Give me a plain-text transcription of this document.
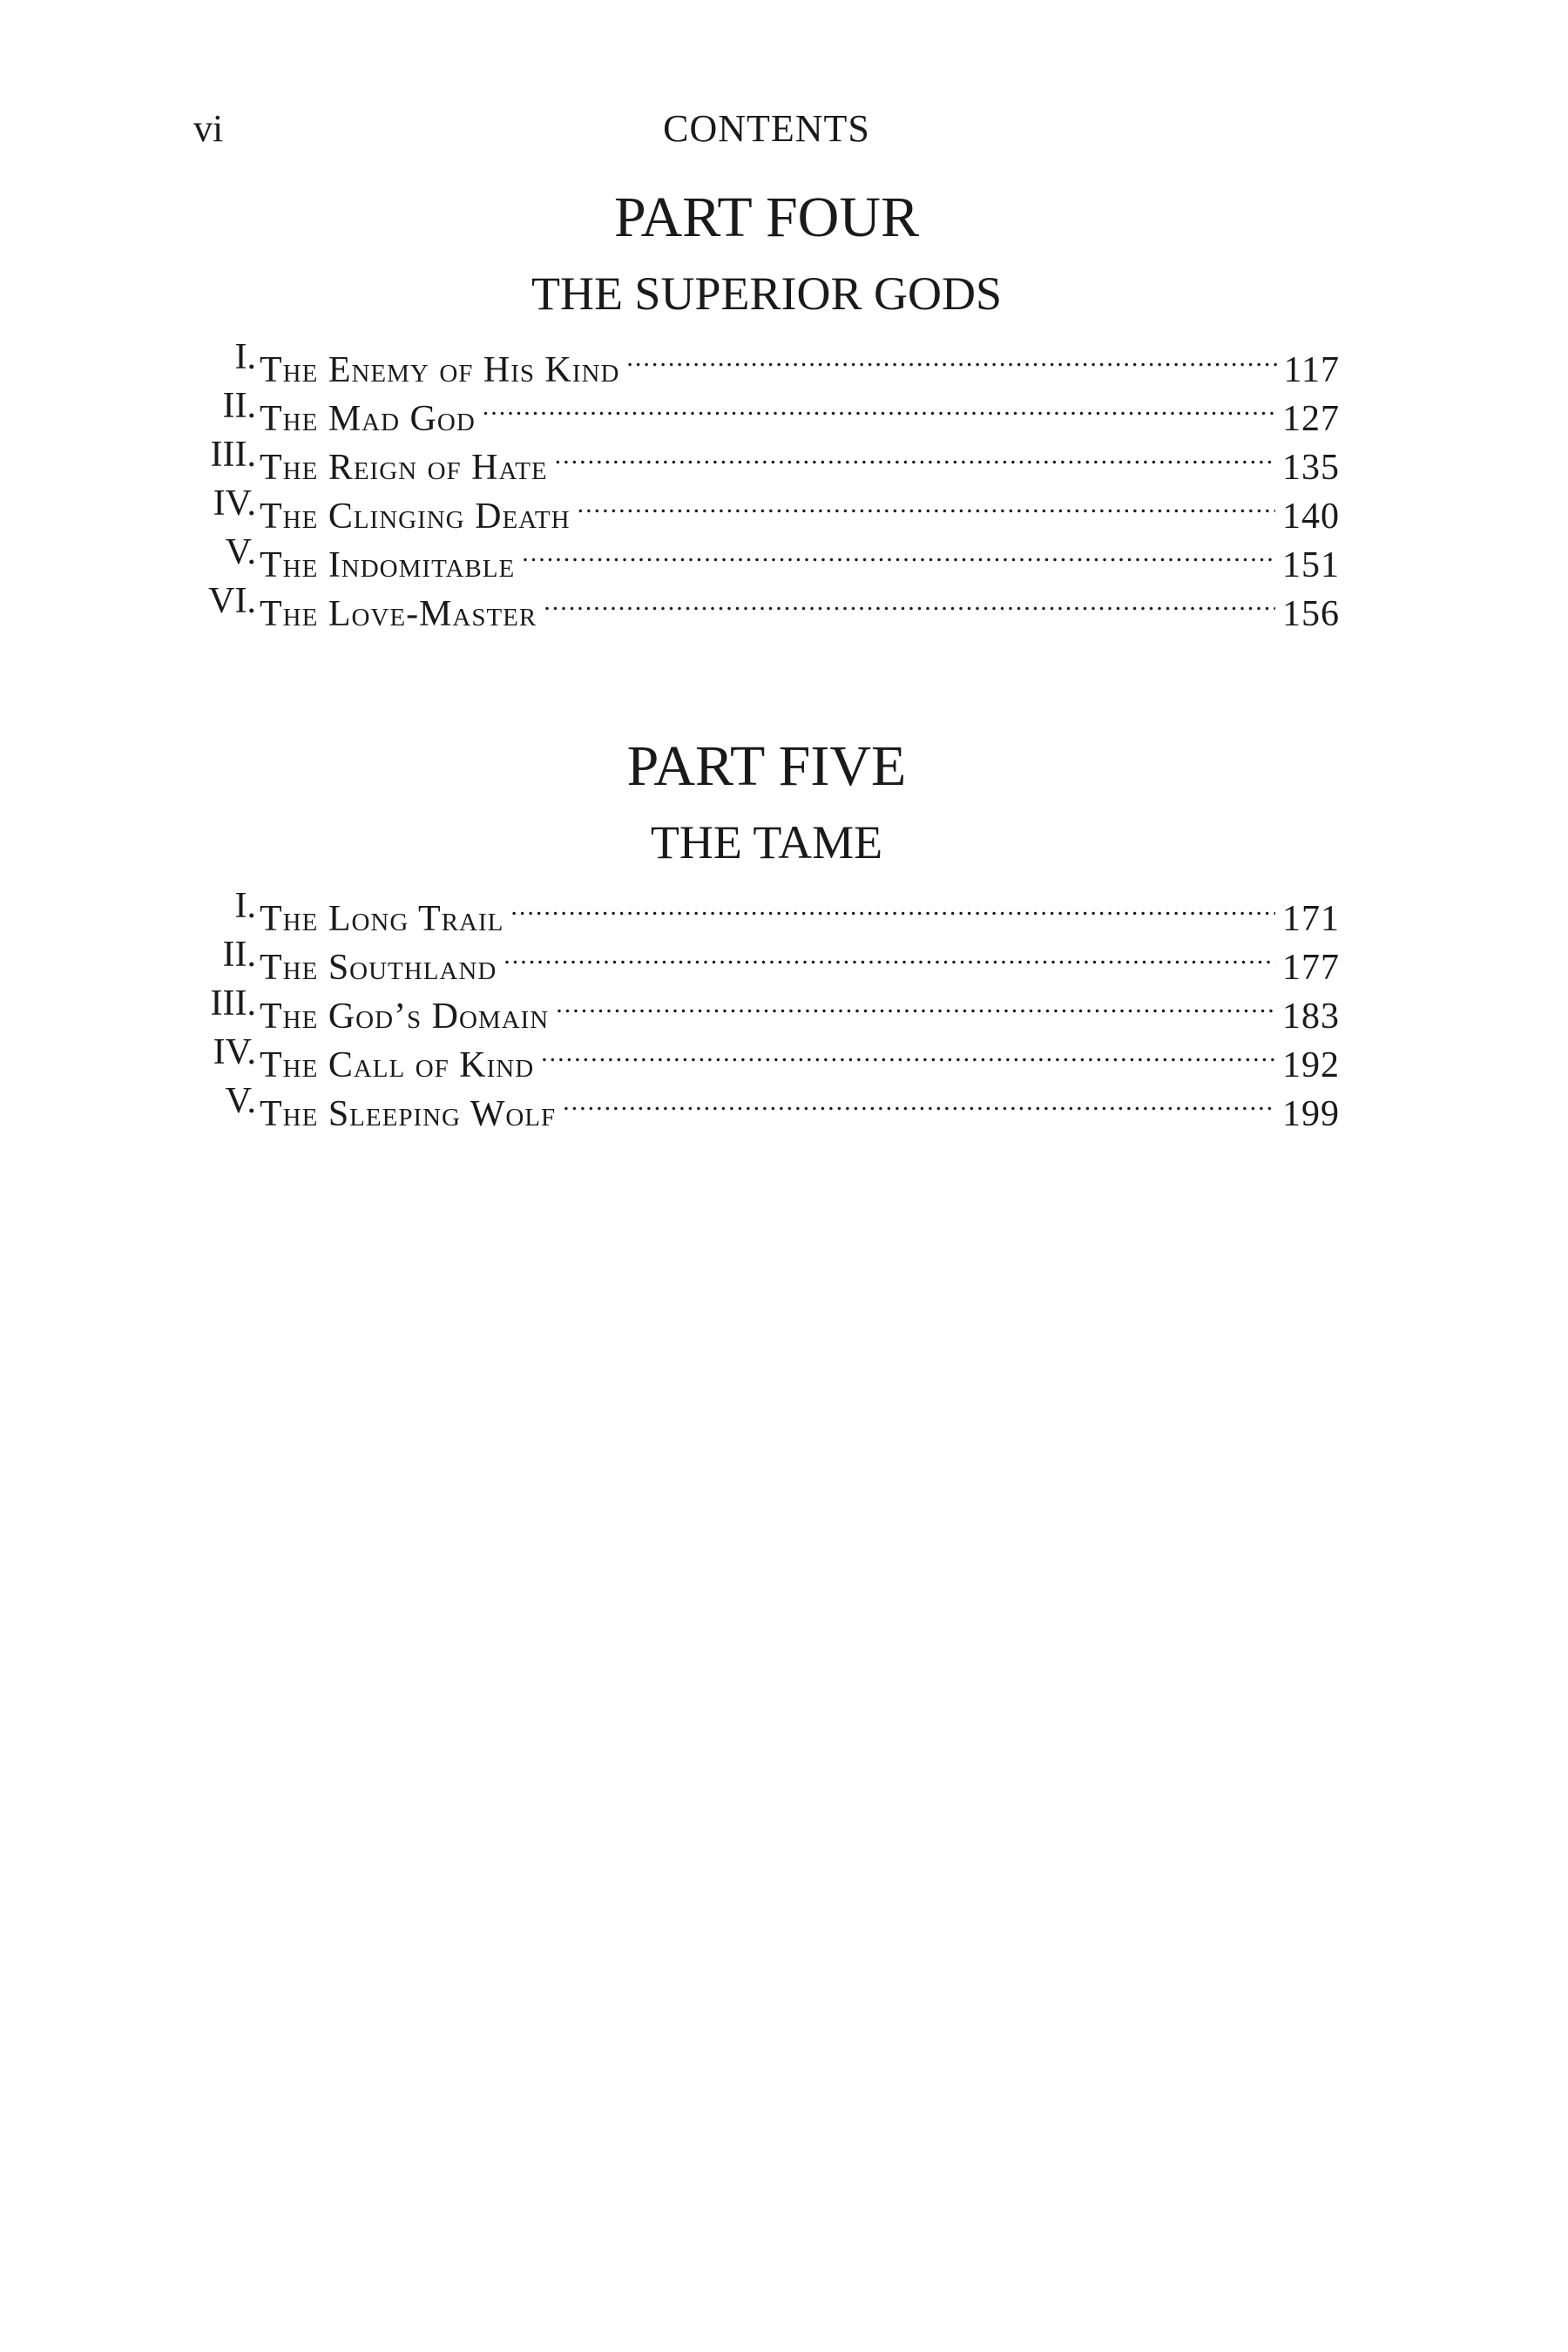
vi	CONTENTS
PART FOUR
THE SUPERIOR GODS
I. The Enemy of His Kind .....	117
II. The Mad God .....	127
III. The Reign of Hate .....	135
IV. The Clinging Death .....	140
V. The Indomitable .....	151
VI. The Love-Master .....	156
PART FIVE
THE TAME
I. The Long Trail .....	171
II. The Southland .....	177
III. The God’s Domain .....	183
IV. The Call of Kind .....	192
V. The Sleeping Wolf .....	199
